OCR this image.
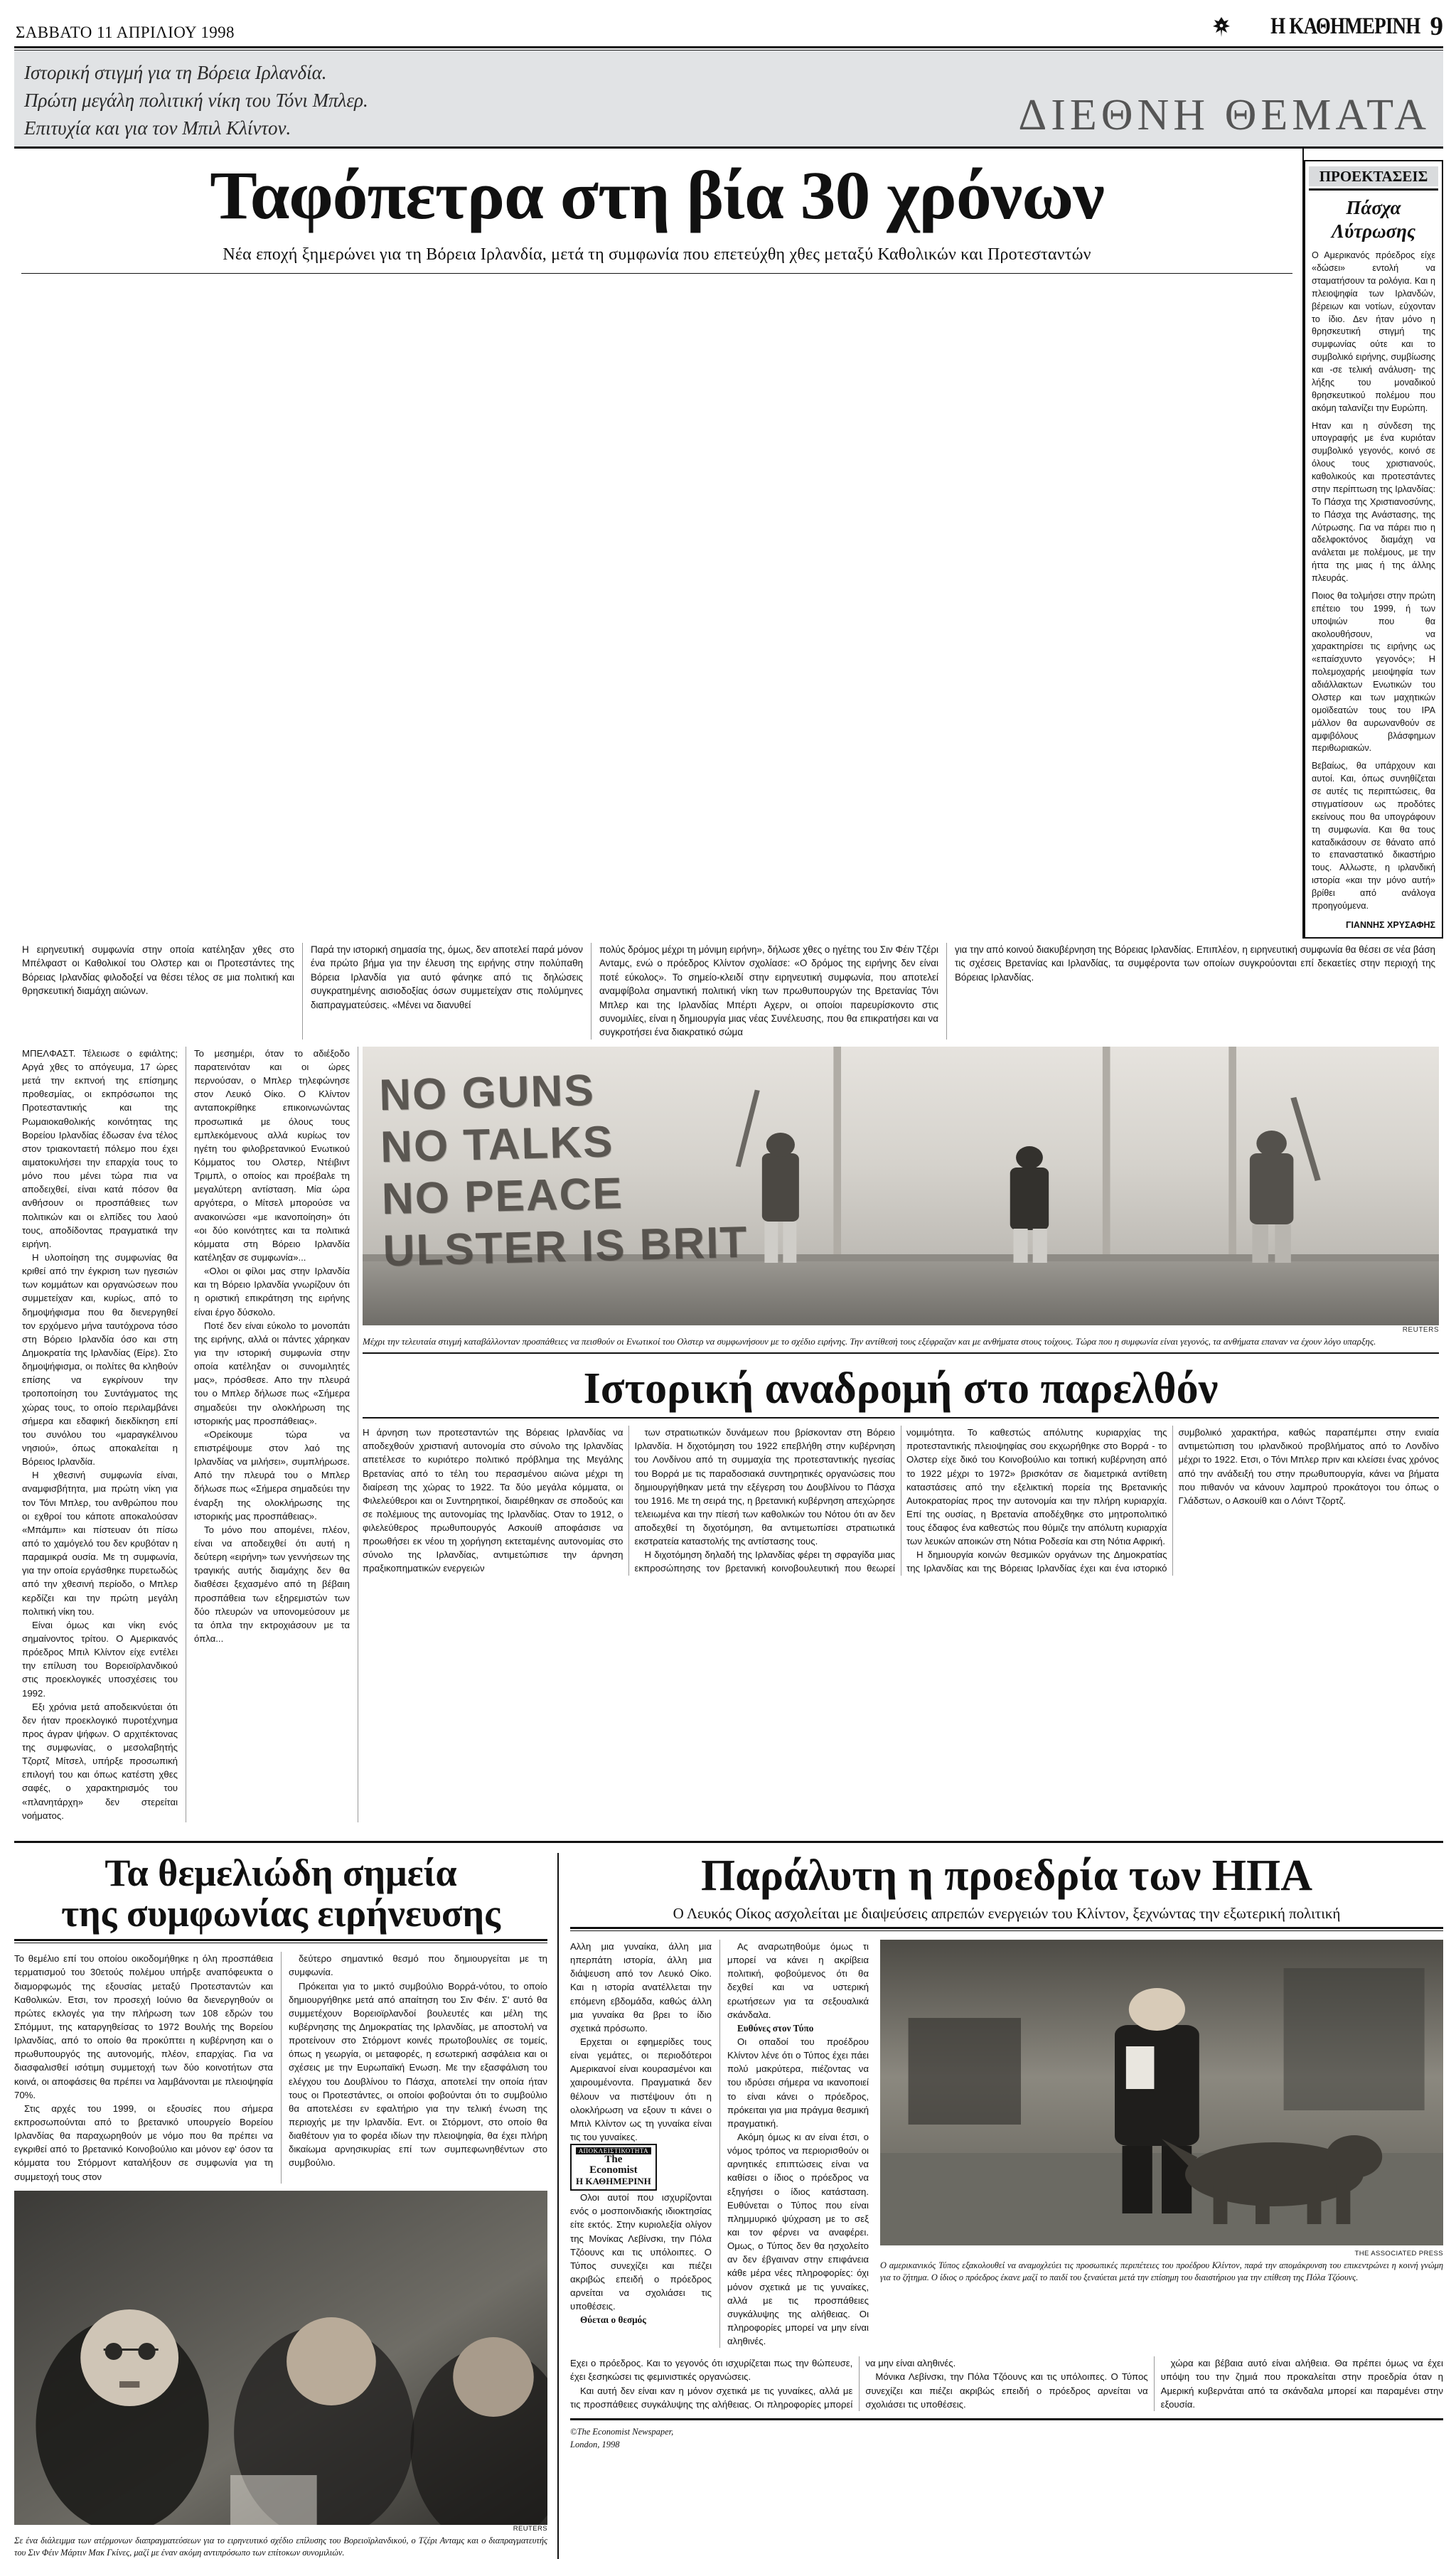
ΣΑΒΒΑΤΟ 11 ΑΠΡΙΛΙΟΥ 1998	Η ΚΑΘΗΜΕΡΙΝΗ 9
Ιστορική στιγμή για τη Βόρεια Ιρλανδία.
Πρώτη μεγάλη πολιτική νίκη του Τόνι Μπλερ.
Επιτυχία και για τον Μπιλ Κλίντον.	ΔΙΕΘΝΗ ΘΕΜΑΤΑ
Ταφόπετρα στη βία 30 χρόνων
Νέα εποχή ξημερώνει για τη Βόρεια Ιρλανδία, μετά τη συμφωνία που επετεύχθη χθες μεταξύ Καθολικών και Προτεσταντών
ΠΡΟΕΚΤΑΣΕΙΣ
Πάσχα
Λύτρωσης

Ο Αμερικανός πρόεδρος είχε «δώσει» εντολή να σταματήσουν τα ρολόγια. Και η πλειοψηφία των Ιρλανδών, βέρειων και νοτίων, εύχονταν το ίδιο. Δεν ήταν μόνο η θρησκευτική στιγμή της συμφωνίας ούτε και το συμβολικό ειρήνης, συμβίωσης και -σε τελική ανάλυση- της λήξης του μοναδικού θρησκευτικού πολέμου που ακόμη ταλανίζει την Ευρώπη.

Ηταν και η σύνδεση της υπογραφής με ένα κυριόταν συμβολικό γεγονός, κοινό σε όλους τους χριστιανούς, καθολικούς και προτεστάντες στην περίπτωση της Ιρλανδίας: Το Πάσχα της Χριστιανοσύνης, το Πάσχα της Ανάστασης, της Λύτρωσης. Για να πάρει πιο η αδελφοκτόνος διαμάχη να ανάλεται με πολέμους, με την ήττα της μιας ή της άλλης πλευράς.

Ποιος θα τολμήσει στην πρώτη επέτειο του 1999, ή των υποψιών που θα ακολουθήσουν, να χαρακτηρίσει τις ειρήνης ως «επαίσχυντο γεγονός»; Η πολεμοχαρής μειοψηφία των αδιάλλακτων Ενωτικών του Ολστερ και των μαχητικών ομοϊδεατών τους του ΙΡΑ μάλλον θα αυρωνανθούν σε αμφιβόλους βλάσφημων περιθωριακών.

Βεβαίως, θα υπάρχουν και αυτοί. Και, όπως συνηθίζεται σε αυτές τις περιπτώσεις, θα στιγματίσουν ως προδότες εκείνους που θα υπογράφουν τη συμφωνία. Και θα τους καταδικάσουν σε θάνατο από το επαναστατικό δικαστήριο τους. Αλλωστε, η ιρλανδική ιστορία «και την μόνο αυτή» βρίθει από ανάλογα προηγούμενα.

ΓΙΑΝΝΗΣ ΧΡΥΣΑΦΗΣ

Η ειρηνευτική συμφωνία στην οποία κατέληξαν χθες στο Μπέλφαστ οι Καθολικοί του Ολστερ και οι Προτεστάντες της Βόρειας Ιρλανδίας φιλοδοξεί να θέσει τέλος σε μια πολιτική και θρησκευτική διαμάχη αιώνων.

Παρά την ιστορική σημασία της, όμως, δεν αποτελεί παρά μόνον ένα πρώτο βήμα για την έλευση της ειρήνης στην πολύπαθη Βόρεια Ιρλανδία για αυτό φάνηκε από τις δηλώσεις συγκρατημένης αισιοδοξίας όσων συμμετείχαν στις πολύμηνες διαπραγματεύσεις. «Μένει να διανυθεί

πολύς δρόμος μέχρι τη μόνιμη ειρήνη», δήλωσε χθες ο ηγέτης του Σιν Φέιν Τζέρι Ανταμς, ενώ ο πρόεδρος Κλίντον σχολίασε: «Ο δρόμος της ειρήνης δεν είναι ποτέ εύκολος». Το σημείο-κλειδί στην ειρηνευτική συμφωνία, που αποτελεί αναμφίβολα σημαντική πολιτική νίκη των πρωθυπουργών της Βρετανίας Τόνι Μπλερ και της Ιρλανδίας Μπέρτι Αχερν, οι οποίοι παρευρίσκοντο στις συνομιλίες, είναι η δημιουργία μιας νέας Συνέλευσης, που θα επικρατήσει και να συγκροτήσει ένα διακρατικό σώμα

για την από κοινού διακυβέρνηση της Βόρειας Ιρλανδίας. Επιπλέον, η ειρηνευτική συμφωνία θα θέσει σε νέα βάση τις σχέσεις Βρετανίας και Ιρλανδίας, τα συμφέροντα των οποίων συγκρούονται επί δεκαετίες στην περιοχή της Βόρειας Ιρλανδίας.

ΜΠΕΛΦΑΣΤ. Τέλειωσε ο εφιάλτης; Αργά χθες το απόγευμα, 17 ώρες μετά την εκπνοή της επίσημης προθεσμίας, οι εκπρόσωποι της Προτεσταντικής και της Ρωμαιοκαθολικής κοινότητας της Βορείου Ιρλανδίας έδωσαν ένα τέλος στον τριακονταετή πόλεμο που έχει αιματοκυλήσει την επαρχία τους το μόνο που μένει τώρα πια να αποδειχθεί, είναι κατά πόσον θα ανθήσουν οι προσπάθειες των πολιτικών και οι ελπίδες του λαού τους, αποδίδοντας πραγματικά την ειρήνη.

Η υλοποίηση της συμφωνίας θα κριθεί από την έγκριση των ηγεσιών των κομμάτων και οργανώσεων που συμμετείχαν και, κυρίως, από το δημοψήφισμα που θα διενεργηθεί τον ερχόμενο μήνα ταυτόχρονα τόσο στη Βόρειο Ιρλανδία όσο και στη Δημοκρατία της Ιρλανδίας (Είρε). Στο δημοψήφισμα, οι πολίτες θα κληθούν επίσης να εγκρίνουν την τροποποίηση του Συντάγματος της χώρας τους, το οποίο περιλαμβάνει σήμερα και εδαφική διεκδίκηση επί του συνόλου του «μαραγκέλινου νησιού», όπως αποκαλείται η Βόρειος Ιρλανδία.

Η χθεσινή συμφωνία είναι, αναμφισβήτητα, μια πρώτη νίκη για τον Τόνι Μπλερ, του ανθρώπου που οι εχθροί του κάποτε αποκαλούσαν «Μπάμπι» και πίστευαν ότι πίσω από το χαμόγελό του δεν κρυβόταν η παραμικρά ουσία. Με τη συμφωνία, για την οποία εργάσθηκε πυρετωδώς από την χθεσινή περίοδο, ο Μπλερ κερδίζει και την πρώτη μεγάλη πολιτική νίκη του.

Είναι όμως και νίκη ενός σημαίνοντος τρίτου. Ο Αμερικανός πρόεδρος Μπιλ Κλίντον είχε εντέλει την επίλυση του Βορειοϊρλανδικού στις προεκλογικές υποσχέσεις του 1992.

Εξι χρόνια μετά αποδεικνύεται ότι δεν ήταν προεκλογικό πυροτέχνημα προς άγραν ψήφων. Ο αρχιτέκτονας της συμφωνίας, ο μεσολαβητής Τζορτζ Μίτσελ, υπήρξε προσωπική επιλογή του και όπως κατέστη χθες σαφές, ο χαρακτηρισμός του «πλανητάρχη» δεν στερείται νοήματος.

Το μεσημέρι, όταν το αδιέξοδο παρατεινόταν και οι ώρες περνούσαν, ο Μπλερ τηλεφώνησε στον Λευκό Οίκο. Ο Κλίντον ανταποκρίθηκε επικοινωνώντας προσωπικά με όλους τους εμπλεκόμενους αλλά κυρίως τον ηγέτη του φιλοβρετανικού Ενωτικού Κόμματος του Ολστερ, Ντέιβιντ Τριμπλ, ο οποίος και προέβαλε τη μεγαλύτερη αντίσταση. Μία ώρα αργότερα, ο Μίτσελ μπορούσε να ανακοινώσει «με ικανοποίηση» ότι «οι δύο κοινότητες και τα πολιτικά κόμματα στη Βόρειο Ιρλανδία κατέληξαν σε συμφωνία»...

«Ολοι οι φίλοι μας στην Ιρλανδία και τη Βόρειο Ιρλανδία γνωρίζουν ότι η οριστική επικράτηση της ειρήνης είναι έργο δύσκολο.

Ποτέ δεν είναι εύκολο το μονοπάτι της ειρήνης, αλλά οι πάντες χάρηκαν για την ιστορική συμφωνία στην οποία κατέληξαν οι συνομιλητές μας», πρόσθεσε. Απο την πλευρά του ο Μπλερ δήλωσε πως «Σήμερα σημαδεύει την ολοκλήρωση της ιστορικής μας προσπάθειας».

«Ορείκουμε τώρα να επιστρέψουμε στον λαό της Ιρλανδίας να μιλήσει», συμπλήρωσε. Από την πλευρά του ο Μπλερ δήλωσε πως «Σήμερα σημαδεύει την έναρξη της ολοκλήρωσης της ιστορικής μας προσπάθειας».

Το μόνο που απομένει, πλέον, είναι να αποδειχθεί ότι αυτή η δεύτερη «ειρήνη» των γεννήσεων της τραγικής αυτής διαμάχης δεν θα διαθέσει ξεχασμένο από τη βέβαιη προσπάθεια των εξηρεμιστών των δύο πλευρών να υπονομεύσουν με τα όπλα την εκτροχιάσουν με τα όπλα...

NO GUNS
NO TALKS
NO PEACE
ULSTER IS BRIT
REUTERS
Μέχρι την τελευταία στιγμή καταβάλλονταν προσπάθειες να πεισθούν οι Ενωτικοί του Ολστερ να συμφωνήσουν με το σχέδιο ειρήνης. Την αντίθεσή τους εξέφραζαν και με ανθήματα στους τοίχους. Τώρα που η συμφωνία είναι γεγονός, τα ανθήματα επαναν να έχουν λόγο υπαρξης.
Ιστορική αναδρομή στο παρελθόν

Η άρνηση των προτεσταντών της Βόρειας Ιρλανδίας να αποδεχθούν χριστιανή αυτονομία στο σύνολο της Ιρλανδίας απετέλεσε το κυριότερο πολιτικό πρόβλημα της Μεγάλης Βρετανίας από το τέλη του περασμένου αιώνα μέχρι τη διαίρεση της χώρας το 1922. Τα δύο μεγάλα κόμματα, οι Φιλελεύθεροι και οι Συντηρητικοί, διαιρέθηκαν σε σποδούς και σε πολέμιους της αυτονομίας της Ιρλανδίας. Οταν το 1912, ο φιλελεύθερος πρωθυπουργός Ασκουίθ αποφάσισε να προωθήσει εκ νέου τη χορήγηση εκτεταμένης αυτονομίας στο σύνολο της Ιρλανδίας, αντιμετώπισε την άρνηση πραξικοπηματικών ενεργειών

των στρατιωτικών δυνάμεων που βρίσκονταν στη Βόρειο Ιρλανδία. Η διχοτόμηση του 1922 επεβλήθη στην κυβέρνηση του Λονδίνου από τη συμμαχία της προτεσταντικής ηγεσίας του Βορρά με τις παραδοσιακά συντηρητικές οργανώσεις που δημιουργήθηκαν μετά την εξέγερση του Δουβλίνου το Πάσχα του 1916. Με τη σειρά της, η βρετανική κυβέρνηση απεχώρησε τελειωμένα και την πίεσή των καθολικών του Νότου ότι αν δεν αποδεχθεί τη διχοτόμηση, θα αντιμετωπίσει στρατιωτικά εκστρατεία καταστολής της αντίστασης τους.

Η διχοτόμηση δηλαδή της Ιρλανδίας φέρει τη σφραγίδα μιας εκπροσώπησης τον βρετανική κοινοβουλευτική που θεωρεί νομιμότητα. Το καθεστώς απόλυτης κυριαρχίας της προτεσταντικής πλειοψηφίας σου εκχωρήθηκε στο Βορρά - το Ολστερ είχε δικό του Κοινοβούλιο και τοπική κυβέρνηση από το 1922 μέχρι το 1972» βρισκόταν σε διαμετρικά αντίθετη καταστάσεις από την εξελικτική πορεία της Βρετανικής Αυτοκρατορίας προς την αυτονομία και την πλήρη κυριαρχία. Επί της ουσίας, η Βρετανία αποδέχθηκε στο μητροπολιτικό τους έδαφος ένα καθεστώς που θύμιζε την απόλυτη κυριαρχία των λευκών αποικών στη Νότια Ροδεσία και στη Νότια Αφρική.

Η δημιουργία κοινών θεσμικών οργάνων της Δημοκρατίας της Ιρλανδίας και της Βόρειας Ιρλανδίας έχει και ένα ιστορικό συμβολικό χαρακτήρα, καθώς παραπέμπει στην ενιαία αντιμετώπιση του ιρλανδικού προβλήματος από το Λονδίνο μέχρι το 1922. Ετσι, ο Τόνι Μπλερ πριν και κλείσει ένας χρόνος από την ανάδειξή του στην πρωθυπουργία, κάνει να βήματα που πιθανόν να κάνουν λαμπρού προκάτογοι του όπως ο Γλάδστων, ο Ασκουίθ και ο Λόιντ Τζορτζ.

Τα θεμελιώδη σημεία
της συμφωνίας ειρήνευσης

Το θεμέλιο επί του οποίου οικοδομήθηκε η όλη προσπάθεια τερματισμού του 30ετούς πολέμου υπήρξε αναπόφευκτα ο διαμορφωμός της εξουσίας μεταξύ Προτεσταντών και Καθολικών. Ετσι, τον προσεχή Ιούνιο θα διενεργηθούν οι πρώτες εκλογές για την πλήρωση των 108 εδρών του Σπόμμυτ, της καταργηθείσας το 1972 Βουλής της Βορείου Ιρλανδίας, από το οποίο θα προκύπτει η κυβέρνηση και ο πρωθυπουργός της αυτονομής, πλέον, επαρχίας. Για να διασφαλισθεί ισότιμη συμμετοχή των δύο κοινοτήτων στα κοινά, οι αποφάσεις θα πρέπει να λαμβάνονται με πλειοψηφία 70%.

Στις αρχές του 1999, οι εξουσίες που σήμερα εκπροσωπούνται από το βρετανικό υπουργείο Βορείου Ιρλανδίας θα παραχωρηθούν με νόμο που θα πρέπει να εγκριθεί από το βρετανικό Κοινοβούλιο και μόνον εφ' όσον τα κόμματα του Στόρμοντ καταλήξουν σε συμφωνία για τη συμμετοχή τους στον

δεύτερο σημαντικό θεσμό που δημιουργείται με τη συμφωνία.

Πρόκειται για το μικτό συμβούλιο Βορρά-νότου, το οποίο δημιουργήθηκε μετά από απαίτηση του Σιν Φέιν. Σ' αυτό θα συμμετέχουν Βορειοϊρλανδοί βουλευτές και μέλη της κυβέρνησης της Δημοκρατίας της Ιρλανδίας, με αποστολή να προτείνουν στο Στόρμοντ κοινές πρωτοβουλίες σε τομείς, όπως η γεωργία, οι μεταφορές, η εσωτερική ασφάλεια και οι σχέσεις με την Ευρωπαϊκή Ενωση. Με την εξασφάλιση του ελέγχου του Δουβλίνου το Πάσχα, αποτελεί την οποία ήταν τους οι Προτεστάντες, οι οποίοι φοβούνται ότι το συμβούλιο θα αποτελέσει εν εφαλτήριο για την τελική ένωση της περιοχής με την Ιρλανδία. Εντ. οι Στόρμοντ, στο οποίο θα διαθέτουν για το φορέα ιδίων την πλειοψηφία, θα έχει πλήρη δικαίωμα αρνησικυρίας επί των συμπεφωνηθέντων στο συμβούλιο.

REUTERS
Σε ένα διάλειμμα των ατέρμονων διαπραγματεύσεων για το ειρηνευτικό σχέδιο επίλυσης του Βορειοϊρλανδικού, ο Τζέρι Ανταμς και ο διαπραγματευτής του Σιν Φέιν Μάρτιν Μακ Γκίνες, μαζί με έναν ακόμη αντιπρόσωπο των επίτοκων συνομιλιών.
Παράλυτη η προεδρία των ΗΠΑ
Ο Λευκός Οίκος ασχολείται με διαψεύσεις απρεπών ενεργειών του Κλίντον, ξεχνώντας την εξωτερική πολιτική

Αλλη μια γυναίκα, άλλη μια ηπερπάτη ιστορία, άλλη μια διάψευση από τον Λευκό Οίκο. Και η ιστορία ανατέλλεται την επόμενη εβδομάδα, καθώς άλλη μια γυναίκα θα βρει το ίδιο σχετικά πρόσωπο.

Ερχεται οι εφημερίδες τους είναι γεμάτες, οι περιοδότεροι Αμερικανοί είναι κουρασμένοι και χαιρουμένοντα. Πραγματικά δεν θέλουν να πιστέψουν ότι η ολοκλήρωση να εξουν τι κάνει ο Μπιλ Κλίντον ως τη γυναίκα είναι τις του γυναίκες.

ΑΠΟΚΛΕΙΣΤΙΚΟΤΗΤΑ
The
Economist
Η ΚΑΘΗΜΕΡΙΝΗ

Ολοι αυτοί που ισχυρίζονται ενός ο μοσποινδιακής ιδιοκτησίας είτε εκτός. Στην κυριολεξία ολίγον της Μονίκας Λεβίνσκι, την Πόλα Τζόουνς και τις υπόλοιπες. Ο Τύπος συνεχίζει και πιέζει ακριβώς επειδή ο πρόεδρος αρνείται να σχολιάσει τις υποθέσεις.

Θύεται ο θεσμός

Ας αναρωτηθούμε όμως τι μπορεί να κάνει η ακρίβεια πολιτική, φοβούμενος ότι θα δεχθεί και να υστερική ερωτήσεων για τα σεξουαλικά σκάνδαλα.

Ευθύνες στον Τύπο

Οι οπαδοί του προέδρου Κλίντον λένε ότι ο Τύπος έχει πάει πολύ μακρύτερα, πιέζοντας να του ιδρύσει σήμερα να ικανοποιεί το είναι κάνει ο πρόεδρος, πρόκειται για μια πράγμα θεσμική πραγματική.

Ακόμη όμως κι αν είναι έτσι, ο νόμος τρόπος να περιορισθούν οι αρνητικές επιπτώσεις είναι να καθίσει ο ίδιος ο πρόεδρος να εξηγήσει ο ίδιος κατάσταση. Ευθύνεται ο Τύπος που είναι πλημμυρικό ψύχραση με το σεξ και τον φέρνει να αναφέρει. Ομως, ο Τύπος δεν θα ησχολείτο αν δεν έβγαιναν στην επιφάνεια κάθε μέρα νέες πληροφορίες: όχι μόνον σχετικά με τις γυναίκες, αλλά με τις προσπάθειες συγκάλυψης της αλήθειας. Οι πληροφορίες μπορεί να μην είναι αληθινές.

THE ASSOCIATED PRESS
Ο αμερικανικός Τύπος εξακολουθεί να αναμοχλεύει τις προσωπικές περιπέτειες του προέδρου Κλίντον, παρά την απομάκρυνση του επικεντρώνει η κοινή γνώμη για το ζήτημα. Ο ίδιος ο πρόεδρος έκανε μαζί το παιδί του ξεναύεται μετά την επίσημη του διαιστήριου για την επίθεση της Πόλα Τζόουνς.

Εχει ο πρόεδρος. Και το γεγονός ότι ισχυρίζεται πως την θώπευσε, έχει ξεσηκώσει τις φεμινιστικές οργανώσεις.

Και αυτή δεν είναι καν η μόνον σχετικά με τις γυναίκες, αλλά με τις προσπάθειες συγκάλυψης της αλήθειας. Οι πληροφορίες μπορεί να μην είναι αληθινές.

Μόνικα Λεβίνσκι, την Πόλα Τζόουνς και τις υπόλοιπες. Ο Τύπος συνεχίζει και πιέζει ακριβώς επειδή ο πρόεδρος αρνείται να σχολιάσει τις υποθέσεις.

χώρα και βέβαια αυτό είναι αλήθεια. Θα πρέπει όμως να έχει υπόψη του την ζημιά που προκαλείται στην προεδρία όταν η Αμερική κυβερνάται από τα σκάνδαλα μπορεί και παραμένει στην εξουσία.

©The Economist Newspaper,
London, 1998
